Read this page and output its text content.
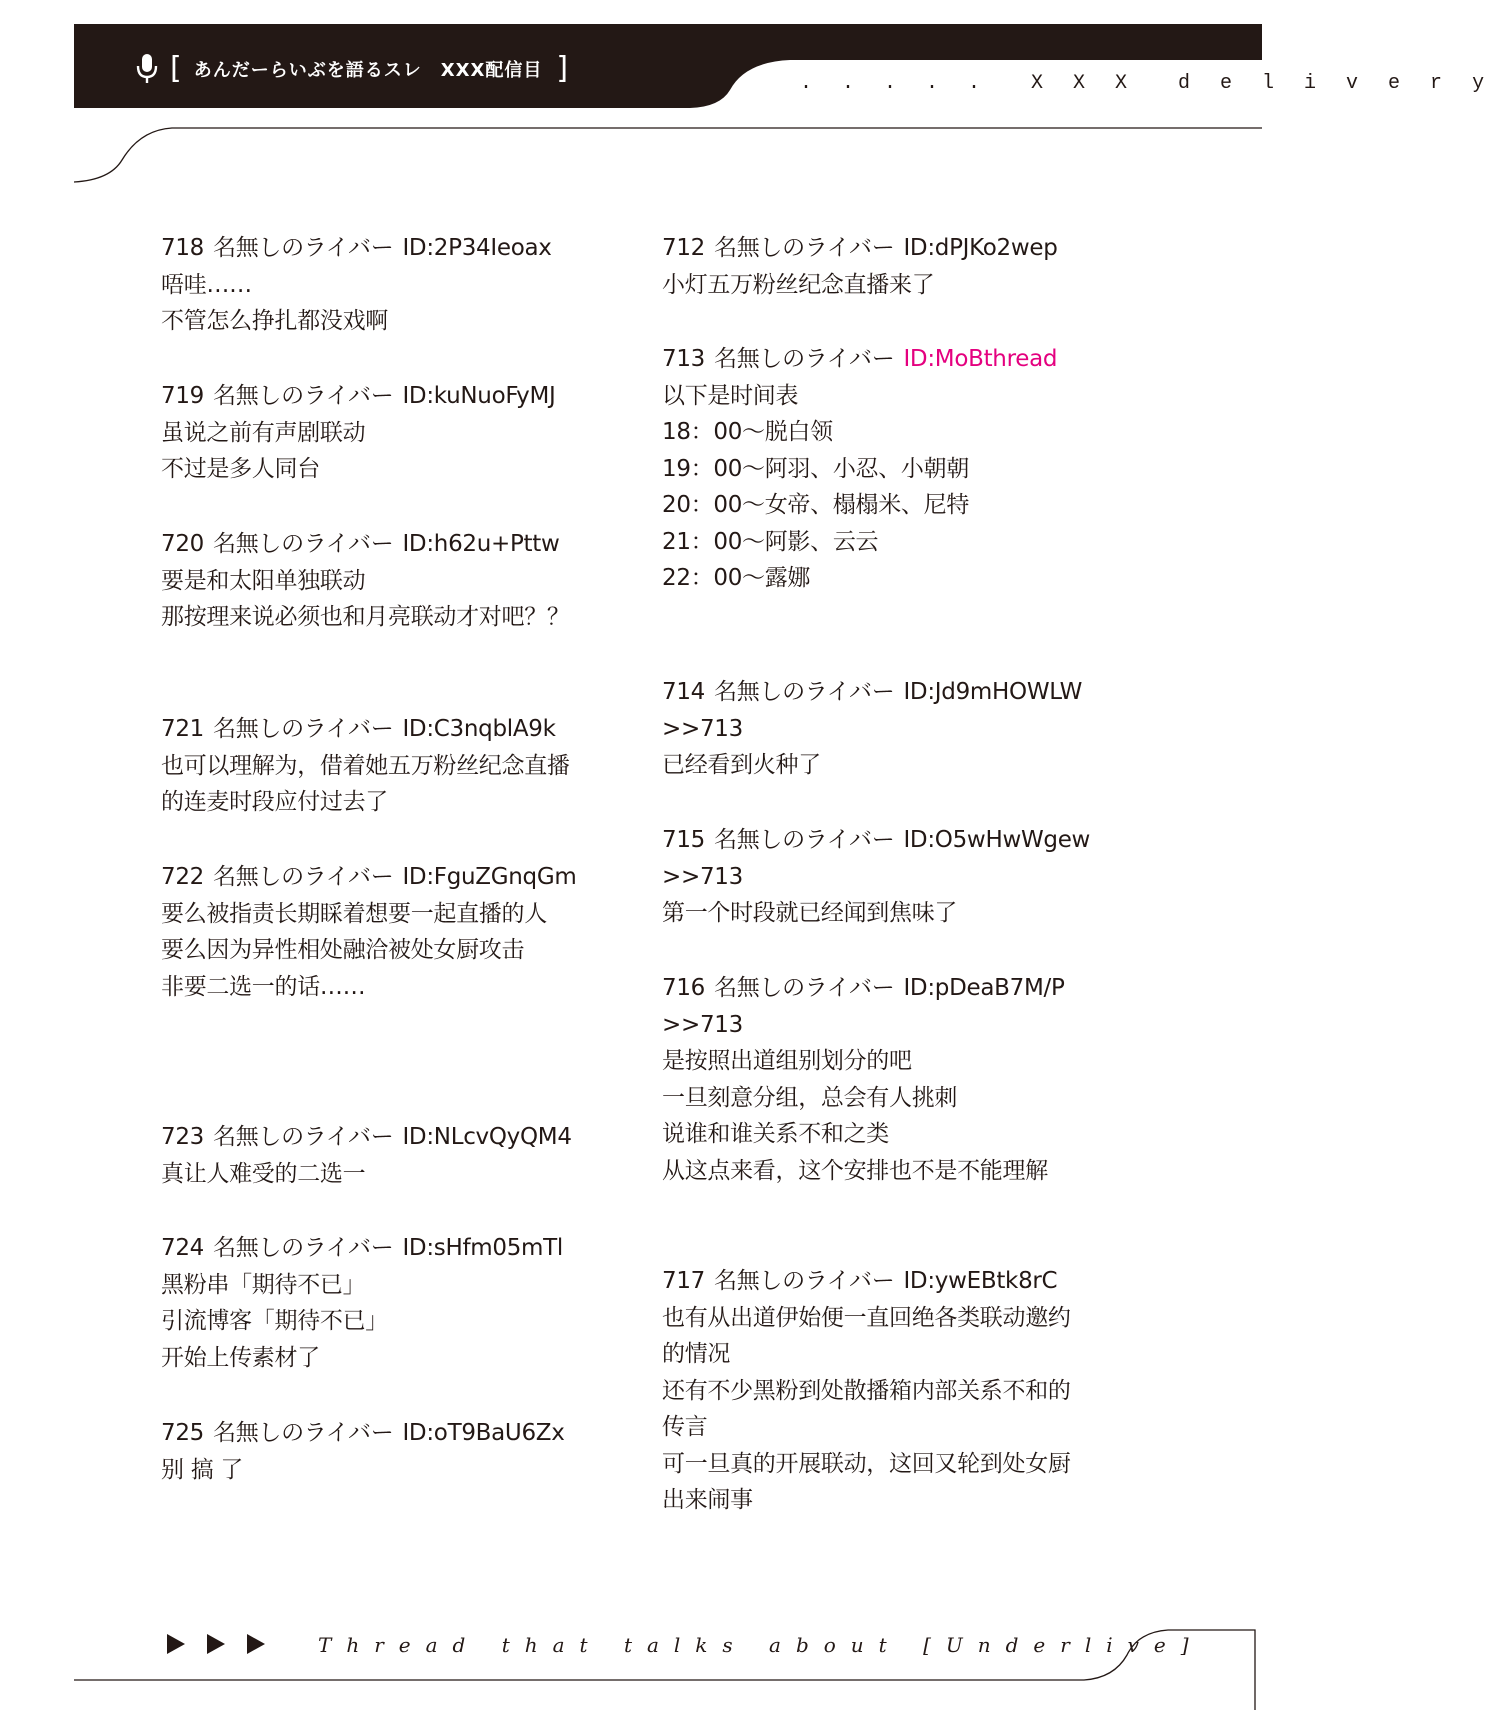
[ あんだーらいぶを語るスレ　XXX配信目 ]	. . . . .  X X X  d e l i v e r y
718 名無しのライバー ID:2P34Ieoax
唔哇……
不管怎么挣扎都没戏啊
719 名無しのライバー ID:kuNuoFyMJ
虽说之前有声剧联动
不过是多人同台
720 名無しのライバー ID:h62u+Pttw
要是和太阳单独联动
那按理来说必须也和月亮联动才对吧？？
721 名無しのライバー ID:C3nqblA9k
也可以理解为，借着她五万粉丝纪念直播
的连麦时段应付过去了
722 名無しのライバー ID:FguZGnqGm
要么被指责长期睬着想要一起直播的人
要么因为异性相处融洽被处女厨攻击
非要二选一的话……
723 名無しのライバー ID:NLcvQyQM4
真让人难受的二选一
724 名無しのライバー ID:sHfm05mTl
黑粉串「期待不已」
引流博客「期待不已」
开始上传素材了
725 名無しのライバー ID:oT9BaU6Zx
别 搞 了
712 名無しのライバー ID:dPJKo2wep
小灯五万粉丝纪念直播来了
713 名無しのライバー ID:MoBthread
以下是时间表
18：00～脱白领
19：00～阿羽、小忍、小朝朝
20：00～女帝、榻榻米、尼特
21：00～阿影、云云
22：00～露娜
714 名無しのライバー ID:Jd9mHOWLW
>>713
已经看到火种了
715 名無しのライバー ID:O5wHwWgew
>>713
第一个时段就已经闻到焦味了
716 名無しのライバー ID:pDeaB7M/P
>>713
是按照出道组别划分的吧
一旦刻意分组，总会有人挑刺
说谁和谁关系不和之类
从这点来看，这个安排也不是不能理解
717 名無しのライバー ID:ywEBtk8rC
也有从出道伊始便一直回绝各类联动邀约
的情况
还有不少黑粉到处散播箱内部关系不和的
传言
可一旦真的开展联动，这回又轮到处女厨
出来闹事
Thread that talks about [Underlive]
